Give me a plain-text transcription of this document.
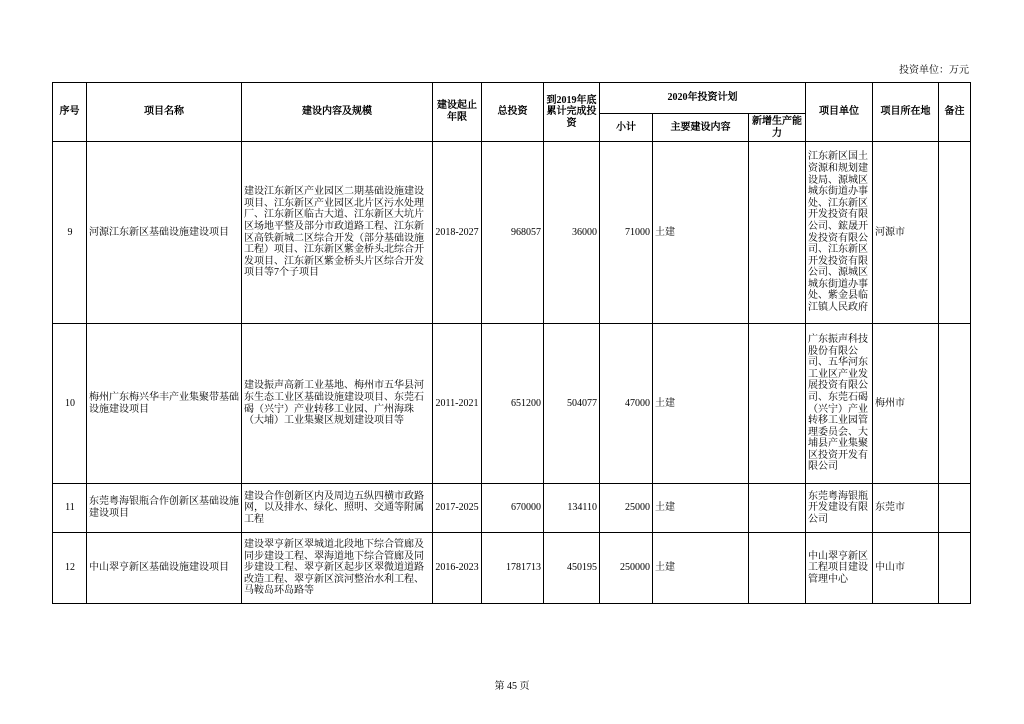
投资单位：万元
序号	项目名称	建设内容及规模	建设起止年限	总投资	到2019年底累计完成投资	2020年投资计划			项目单位	项目所在地	备注
						小计	主要建设内容	新增生产能力			
9	河源江东新区基础设施建设项目	建设江东新区产业园区二期基础设施建设项目、江东新区产业园区北片区污水处理厂、江东新区临古大道、江东新区大坑片区场地平整及部分市政道路工程、江东新区高铁新城二区综合开发（部分基础设施工程）项目、江东新区紫金桥头北综合开发项目、江东新区紫金桥头片区综合开发项目等7个子项目	2018-2027	968057	36000	71000	土建		江东新区国土资源和规划建设局、源城区城东街道办事处、江东新区开发投资有限公司、鋐晟开发投资有限公司、江东新区开发投资有限公司、源城区城东街道办事处、紫金县临江镇人民政府	河源市	
10	梅州广东梅兴华丰产业集聚带基础设施建设项目	建设振声高新工业基地、梅州市五华县河东生态工业区基础设施建设项目、东莞石碣（兴宁）产业转移工业园、广州海珠（大埔）工业集聚区规划建设项目等	2011-2021	651200	504077	47000	土建		广东振声科技股份有限公司、五华河东工业区产业发展投资有限公司、东莞石碣（兴宁）产业转移工业园管理委员会、大埔县产业集聚区投资开发有限公司	梅州市	
11	东莞粤海银瓶合作创新区基础设施建设项目	建设合作创新区内及周边五纵四横市政路网，以及排水、绿化、照明、交通等附属工程	2017-2025	670000	134110	25000	土建		东莞粤海银瓶开发建设有限公司	东莞市	
12	中山翠亨新区基础设施建设项目	建设翠亨新区翠城道北段地下综合管廊及同步建设工程、翠海道地下综合管廊及同步建设工程、翠亨新区起步区翠微道道路改造工程、翠亨新区滨河整治水利工程、马鞍岛环岛路等	2016-2023	1781713	450195	250000	土建		中山翠亨新区工程项目建设管理中心	中山市	
第 45 页
